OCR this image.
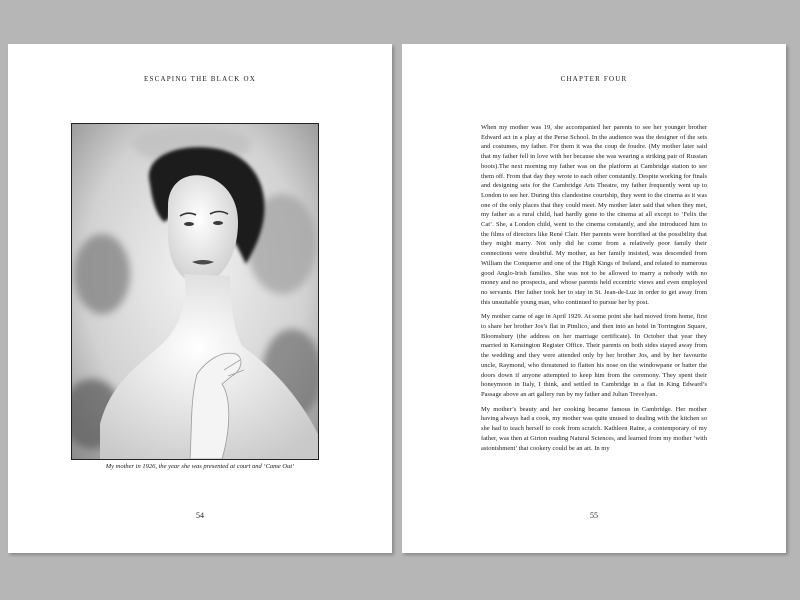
ESCAPING THE BLACK OX
My mother in 1926, the year she was presented at court and ‘Came Out’
54
CHAPTER FOUR

When my mother was 19, she accompanied her parents to see her younger brother Edward act in a play at the Perse School. In the audience was the designer of the sets and costumes, my father. For them it was the coup de foudre. (My mother later said that my father fell in love with her because she was wearing a striking pair of Russian boots).The next morning my father was on the platform at Cambridge station to see them off. From that day they wrote to each other constantly. Despite working for finals and designing sets for the Cambridge Arts Theatre, my father frequently went up to London to see her. During this clandestine courtship, they went to the cinema as it was one of the only places that they could meet. My mother later said that when they met, my father as a rural child, had hardly gone to the cinema at all except to ‘Felix the Cat’. She, a London child, went to the cinema constantly, and she introduced him to the films of directors like René Clair. Her parents were horrified at the possibility that they might marry. Not only did he come from a relatively poor family their connections were doubtful. My mother, as her family insisted, was descended from William the Conqueror and one of the High Kings of Ireland, and related to numerous good Anglo-Irish families. She was not to be allowed to marry a nobody with no money and no prospects, and whose parents held eccentric views and even employed no servants. Her father took her to stay in St. Jean-de-Luz in order to get away from this unsuitable young man, who continued to pursue her by post.

My mother came of age in April 1929. At some point she had moved from home, first to share her brother Jos’s flat in Pimlico, and then into an hotel in Torrington Square, Bloomsbury (the address on her marriage certificate). In October that year they married in Kensington Register Office. Their parents on both sides stayed away from the wedding and they were attended only by her brother Jos, and by her favourite uncle, Raymond, who threatened to flatten his nose on the windowpane or batter the doors down if anyone attempted to keep him from the ceremony. They spent their honeymoon in Italy, I think, and settled in Cambridge in a flat in King Edward’s Passage above an art gallery run by my father and Julian Trevelyan.

My mother’s beauty and her cooking became famous in Cambridge. Her mother having always had a cook, my mother was quite unused to dealing with the kitchen so she had to teach herself to cook from scratch. Kathleen Raine, a contemporary of my father, was then at Girton reading Natural Sciences, and learned from my mother ‘with astonishment’ that cookery could be an art. In my

55
